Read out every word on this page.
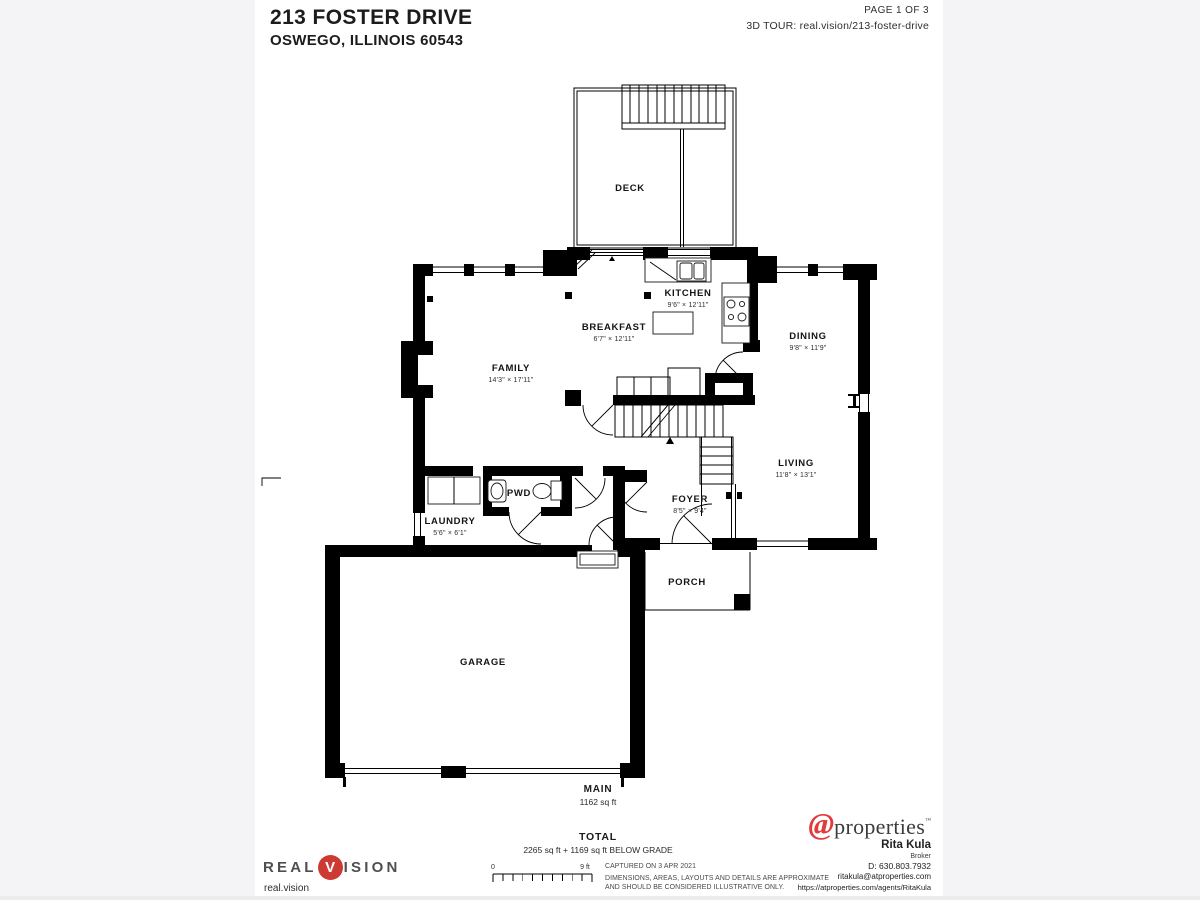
213 FOSTER DRIVE
OSWEGO, ILLINOIS 60543
PAGE 1 OF 3
3D TOUR: real.vision/213-foster-drive
DECK
KITCHEN
9'6" × 12'11"
BREAKFAST
6'7" × 12'11"
FAMILY
14'3" × 17'11"
DINING
9'8" × 11'9"
LIVING
11'8" × 13'1"
FOYER
8'5" × 9'4"
PWD
LAUNDRY
5'6" × 6'1"
GARAGE
PORCH
0	9 ft
MAIN
1162 sq ft
TOTAL
2265 sq ft + 1169 sq ft BELOW GRADE
CAPTURED ON 3 APR 2021
DIMENSIONS, AREAS, LAYOUTS AND DETAILS ARE APPROXIMATE
AND SHOULD BE CONSIDERED ILLUSTRATIVE ONLY.
REAL V ISION
real.vision
@properties™
Rita Kula
Broker
D: 630.803.7932
ritakula@atproperties.com
https://atproperties.com/agents/RitaKula
